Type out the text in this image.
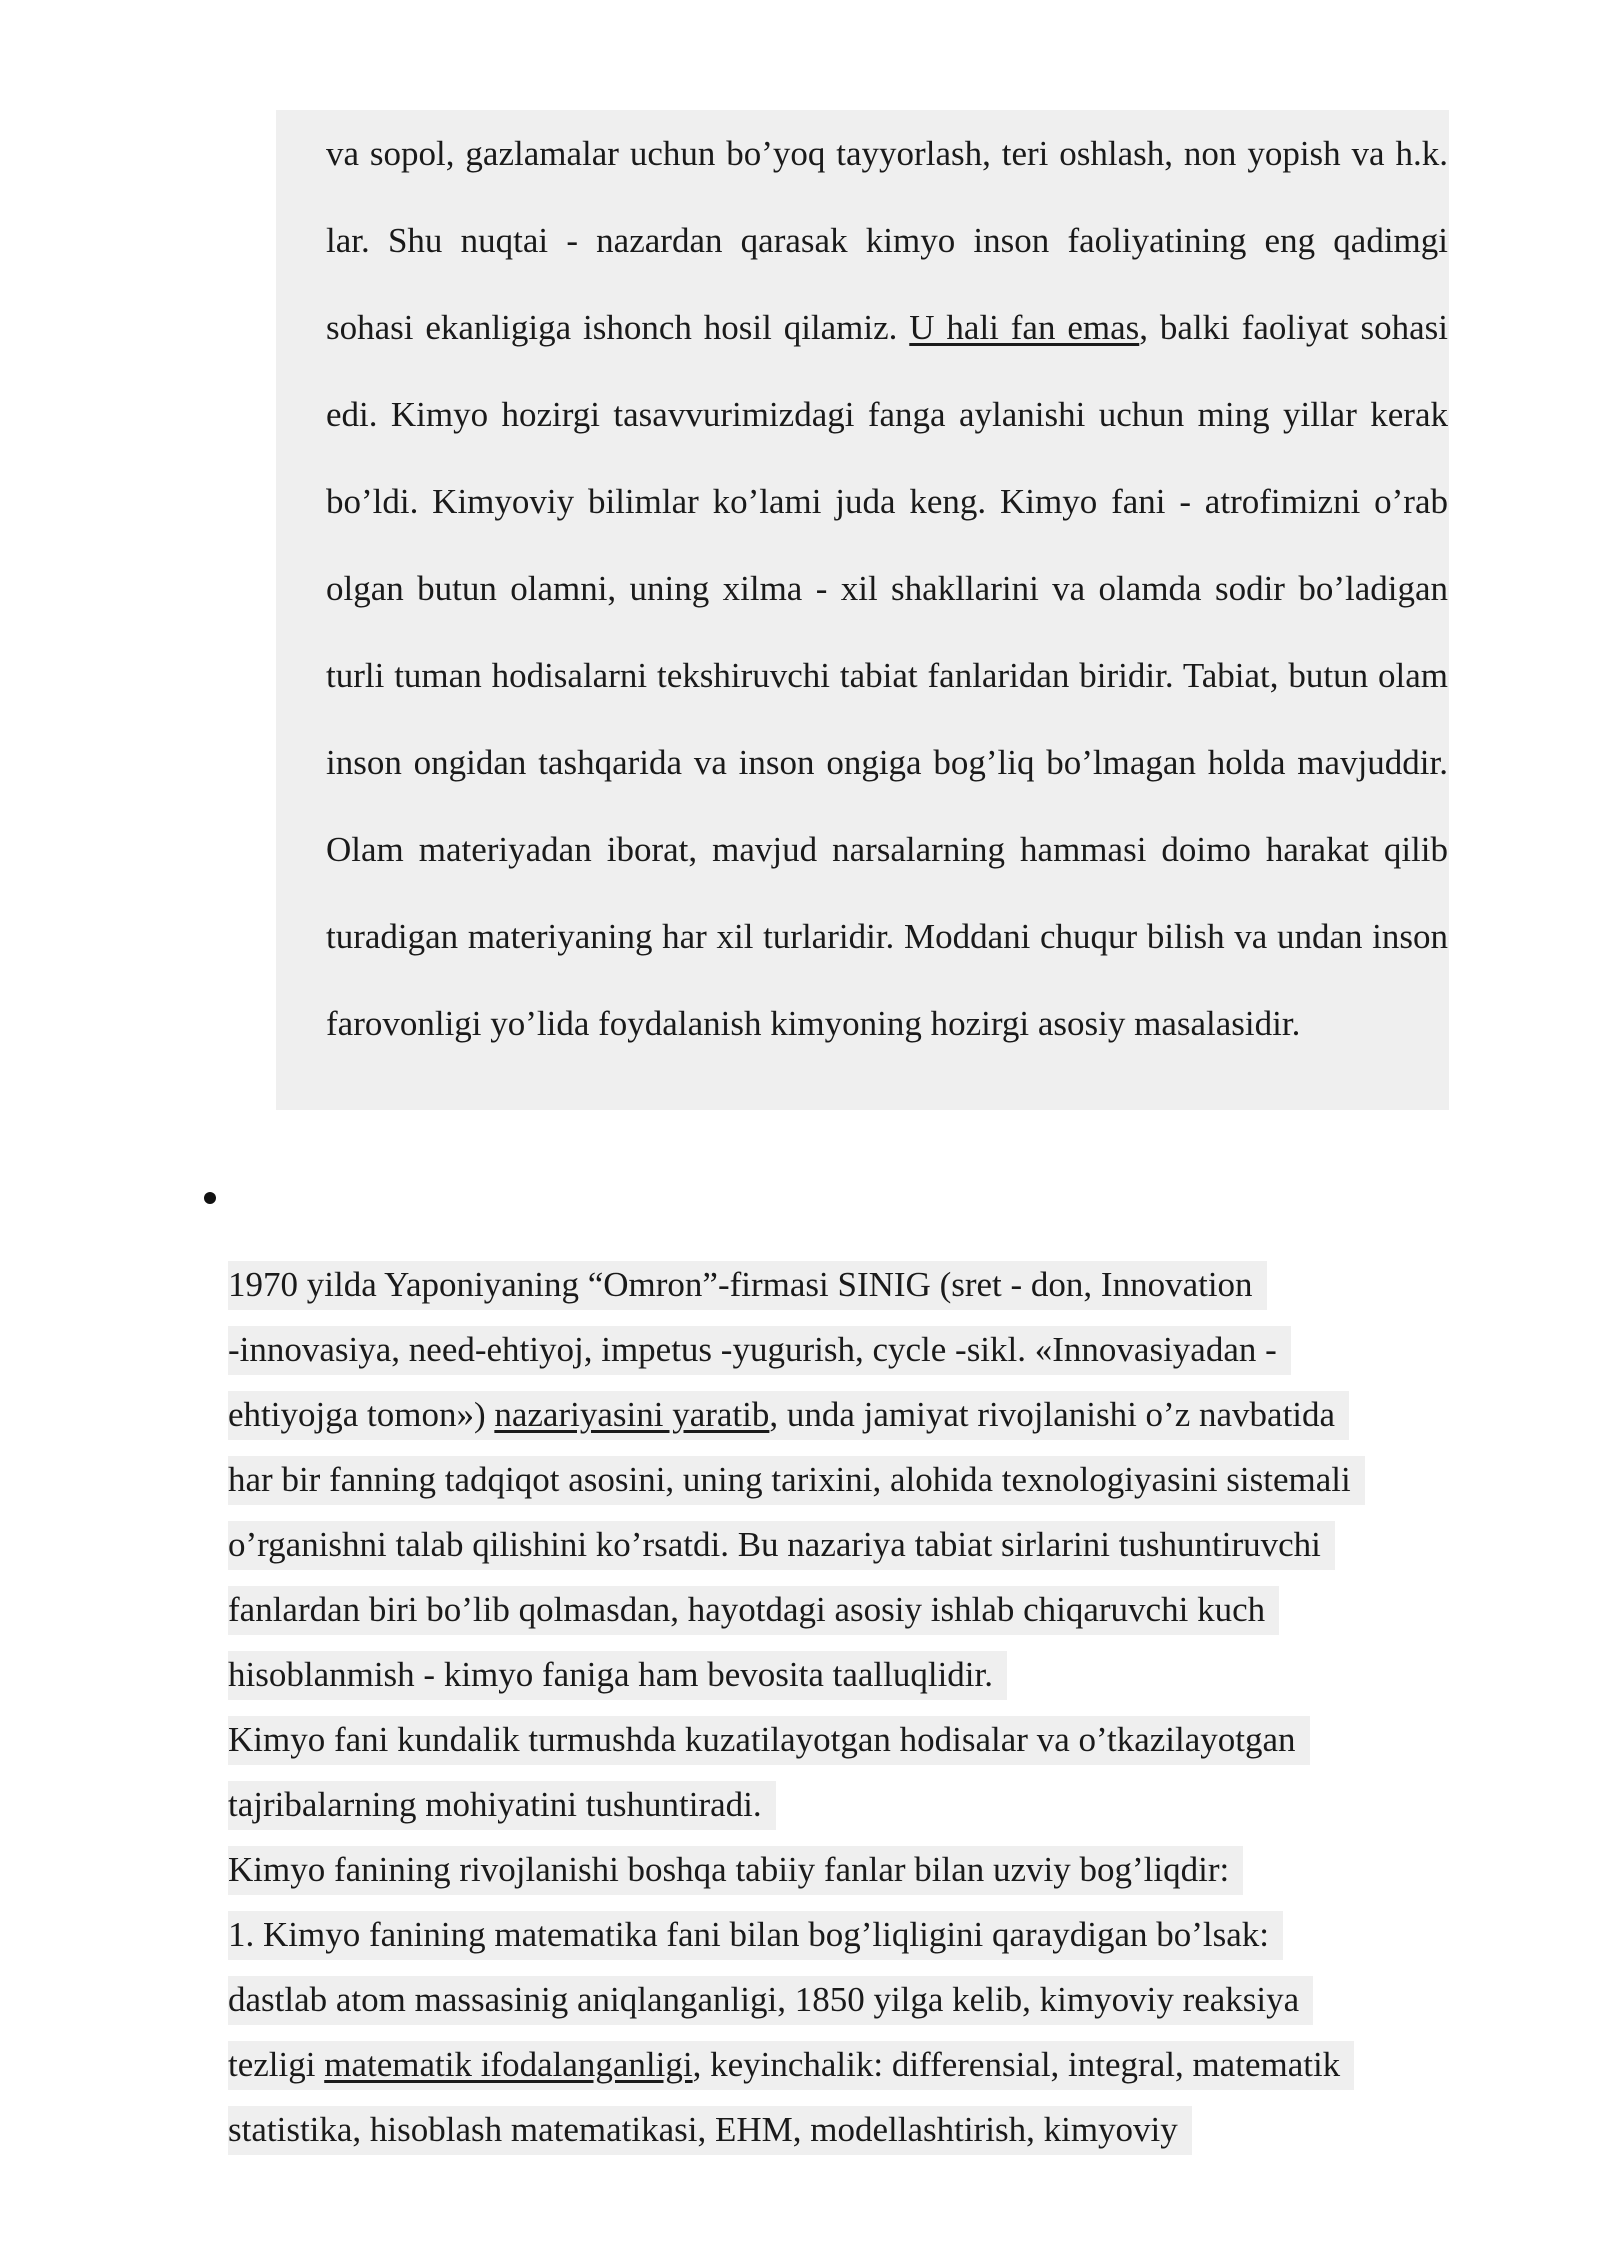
va sopol, gazlamalar uchun bo’yoq tayyorlash, teri oshlash, non yopish va h.k. lar. Shu nuqtai - nazardan qarasak kimyo inson faoliyatining eng qadimgi sohasi ekanligiga ishonch hosil qilamiz. U hali fan emas, balki faoliyat sohasi edi. Kimyo hozirgi tasavvurimizdagi fanga aylanishi uchun ming yillar kerak bo’ldi. Kimyoviy bilimlar ko’lami juda keng. Kimyo fani - atrofimizni o’rab olgan butun olamni, uning xilma - xil shakllarini va olamda sodir bo’ladigan turli tuman hodisalarni tekshiruvchi tabiat fanlaridan biridir. Tabiat, butun olam inson ongidan tashqarida va inson ongiga bog’liq bo’lmagan holda mavjuddir. Olam materiyadan iborat, mavjud narsalarning hammasi doimo harakat qilib turadigan materiyaning har xil turlaridir. Moddani chuqur bilish va undan inson farovonligi yo’lida foydalanish kimyoning hozirgi asosiy masalasidir.
1970 yilda Yaponiyaning “Omron”-firmasi SINIG (sret - don, Innovation
-innovasiya, need-ehtiyoj, impetus -yugurish, cycle -sikl. «Innovasiyadan -
ehtiyojga tomon») nazariyasini yaratib, unda jamiyat rivojlanishi o’z navbatida
har bir fanning tadqiqot asosini, uning tarixini, alohida texnologiyasini sistemali
o’rganishni talab qilishini ko’rsatdi. Bu nazariya tabiat sirlarini tushuntiruvchi
fanlardan biri bo’lib qolmasdan, hayotdagi asosiy ishlab chiqaruvchi kuch
hisoblanmish - kimyo faniga ham bevosita taalluqlidir.
Kimyo fani kundalik turmushda kuzatilayotgan hodisalar va o’tkazilayotgan
tajribalarning mohiyatini tushuntiradi.
Kimyo fanining rivojlanishi boshqa tabiiy fanlar bilan uzviy bog’liqdir:
1. Kimyo fanining matematika fani bilan bog’liqligini qaraydigan bo’lsak:
dastlab atom massasinig aniqlanganligi, 1850 yilga kelib, kimyoviy reaksiya
tezligi matematik ifodalanganligi, keyinchalik: differensial, integral, matematik
statistika, hisoblash matematikasi, EHM, modellashtirish, kimyoviy
